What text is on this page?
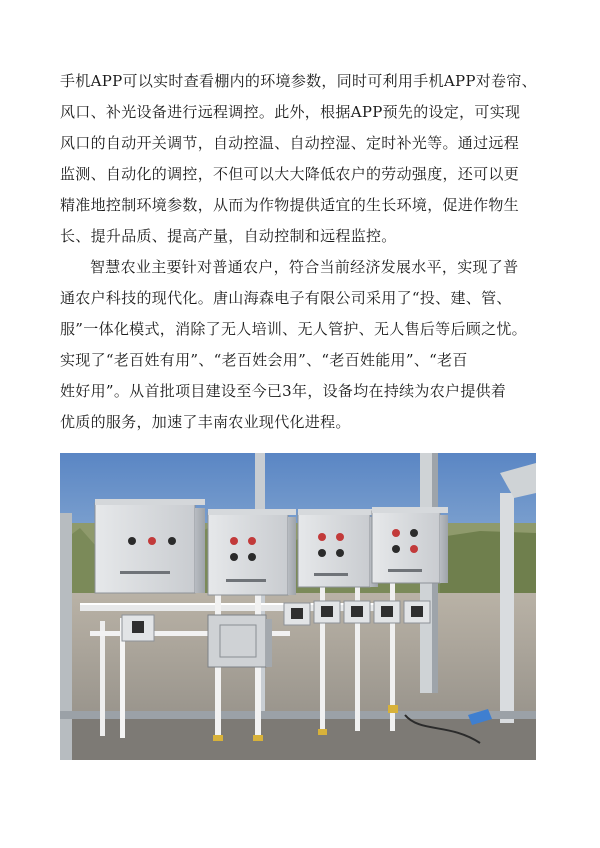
手机APP可以实时查看棚内的环境参数，同时可利用手机APP对卷帘、
风口、补光设备进行远程调控。此外，根据APP预先的设定，可实现
风口的自动开关调节，自动控温、自动控湿、定时补光等。通过远程
监测、自动化的调控，不但可以大大降低农户的劳动强度，还可以更
精准地控制环境参数，从而为作物提供适宜的生长环境，促进作物生
长、提升品质、提高产量，自动控制和远程监控。
智慧农业主要针对普通农户，符合当前经济发展水平，实现了普
通农户科技的现代化。唐山海森电子有限公司采用了“投、建、管、
服”一体化模式，消除了无人培训、无人管护、无人售后等后顾之忧。
实现了“老百姓有用”、“老百姓会用”、“老百姓能用”、“老百
姓好用”。从首批项目建设至今已3年，设备均在持续为农户提供着
优质的服务，加速了丰南农业现代化进程。
